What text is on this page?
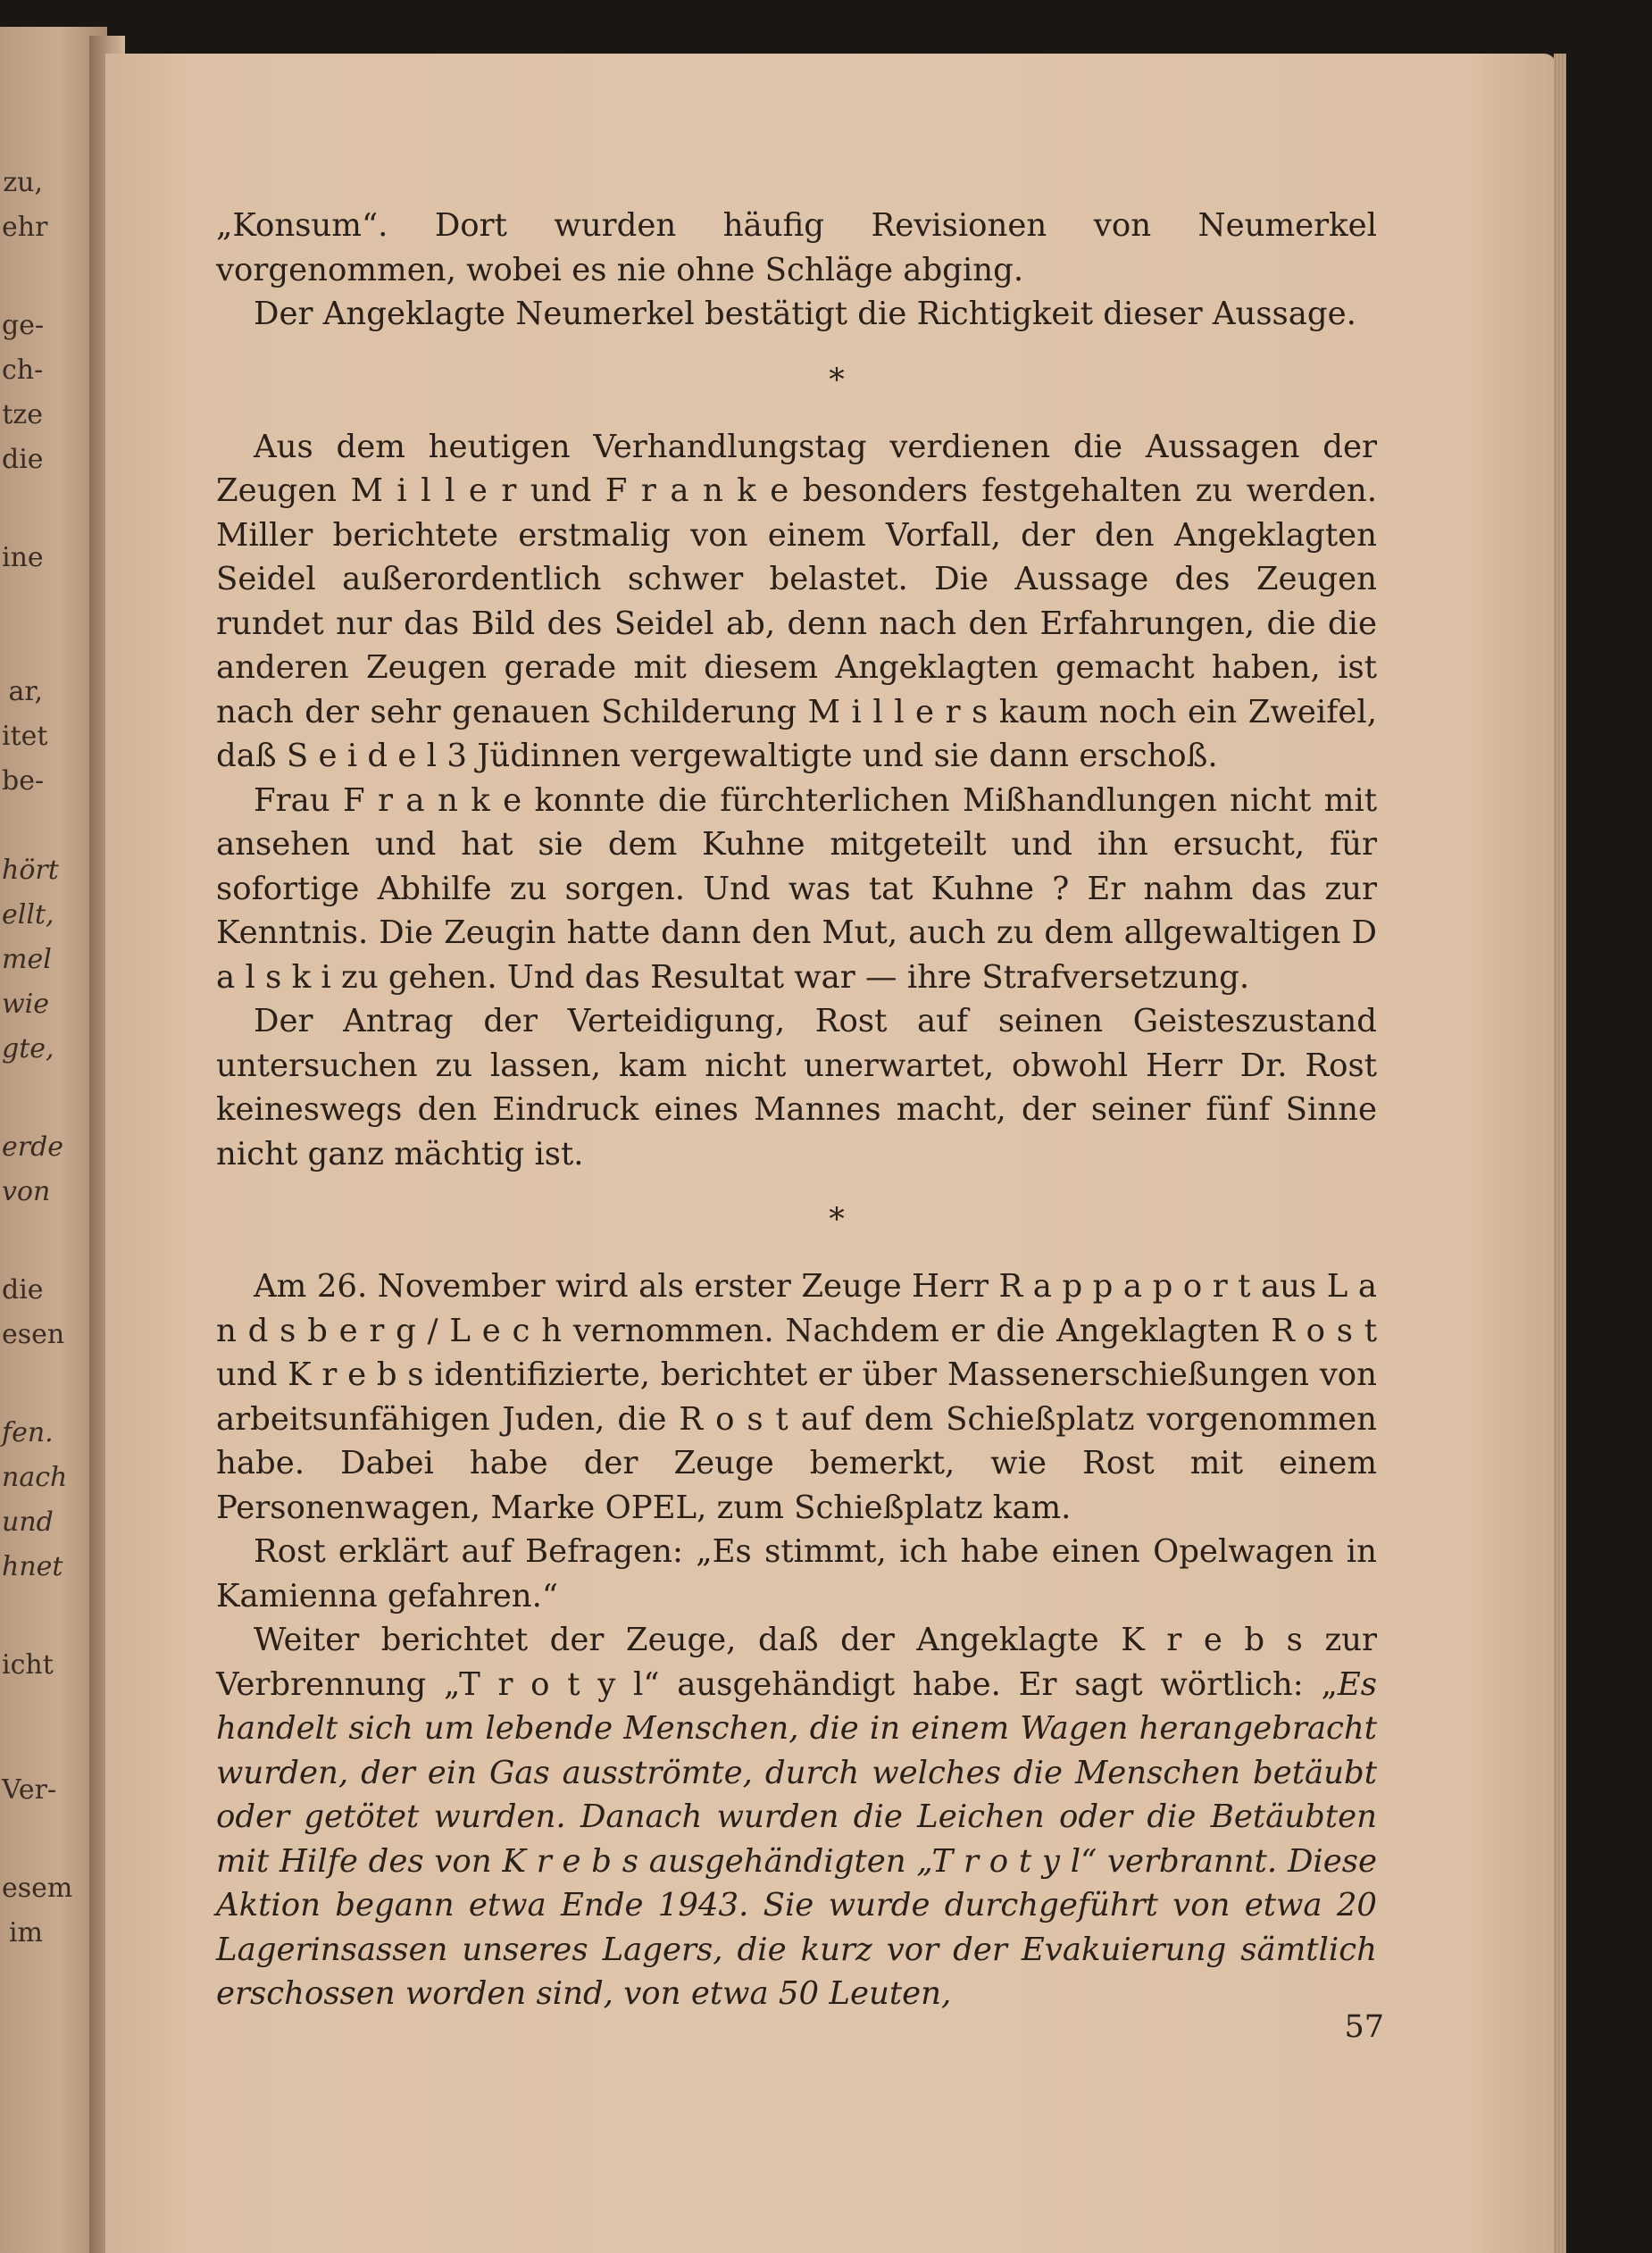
zu,
ehr
ge-
ch-
tze
die
ine
ar,
itet
be-
hört
ellt,
mel
wie
gte,
erde
von
die
esen
fen.
nach
und
hnet
icht
Ver-
esem
im

„Konsum“. Dort wurden häufig Revisionen von Neumerkel vorgenommen, wobei es nie ohne Schläge abging.

Der Angeklagte Neumerkel bestätigt die Richtigkeit dieser Aussage.

*

Aus dem heutigen Verhandlungstag verdienen die Aussagen der Zeugen M i l l e r und F r a n k e besonders festgehalten zu werden. Miller berichtete erstmalig von einem Vorfall, der den Angeklagten Seidel außerordentlich schwer belastet. Die Aussage des Zeugen rundet nur das Bild des Seidel ab, denn nach den Erfahrungen, die die anderen Zeugen gerade mit diesem Angeklagten gemacht haben, ist nach der sehr genauen Schilderung M i l l e r s kaum noch ein Zweifel, daß S e i d e l 3 Jüdinnen vergewaltigte und sie dann erschoß.

Frau F r a n k e konnte die fürchterlichen Mißhandlungen nicht mit ansehen und hat sie dem Kuhne mitgeteilt und ihn ersucht, für sofortige Abhilfe zu sorgen. Und was tat Kuhne ? Er nahm das zur Kenntnis. Die Zeugin hatte dann den Mut, auch zu dem allgewaltigen D a l s k i zu gehen. Und das Resultat war — ihre Strafversetzung.

Der Antrag der Verteidigung, Rost auf seinen Geisteszustand untersuchen zu lassen, kam nicht unerwartet, obwohl Herr Dr. Rost keineswegs den Eindruck eines Mannes macht, der seiner fünf Sinne nicht ganz mächtig ist.

*

Am 26. November wird als erster Zeuge Herr R a p p a p o r t aus L a n d s b e r g / L e c h vernommen. Nachdem er die Angeklagten R o s t und K r e b s identifizierte, berichtet er über Massenerschießungen von arbeitsunfähigen Juden, die R o s t auf dem Schießplatz vorgenommen habe. Dabei habe der Zeuge bemerkt, wie Rost mit einem Personenwagen, Marke OPEL, zum Schießplatz kam.

Rost erklärt auf Befragen: „Es stimmt, ich habe einen Opelwagen in Kamienna gefahren.“

Weiter berichtet der Zeuge, daß der Angeklagte K r e b s zur Verbrennung „T r o t y l“ ausgehändigt habe. Er sagt wörtlich: „Es handelt sich um lebende Menschen, die in einem Wagen herangebracht wurden, der ein Gas ausströmte, durch welches die Menschen betäubt oder getötet wurden. Danach wurden die Leichen oder die Betäubten mit Hilfe des von K r e b s ausgehändigten „T r o t y l“ verbrannt. Diese Aktion begann etwa Ende 1943. Sie wurde durchgeführt von etwa 20 Lagerinsassen unseres Lagers, die kurz vor der Evakuierung sämtlich erschossen worden sind, von etwa 50 Leuten,

57
